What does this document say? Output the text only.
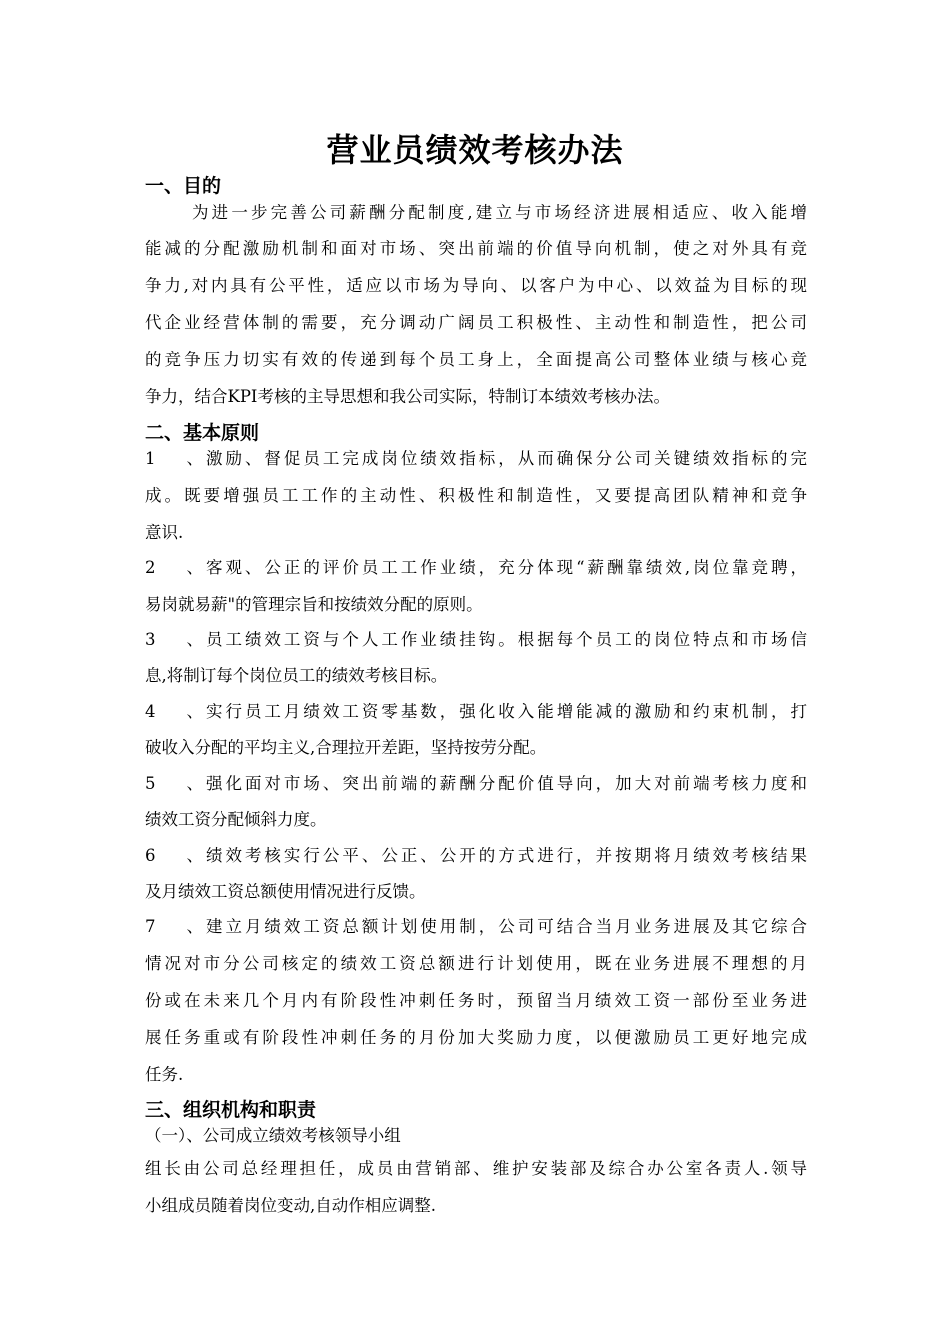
营业员绩效考核办法
一、目的
为进一步完善公司薪酬分配制度,建立与市场经济进展相适应、收入能增
能减的分配激励机制和面对市场、突出前端的价值导向机制，使之对外具有竞
争力,对内具有公平性，适应以市场为导向、以客户为中心、以效益为目标的现
代企业经营体制的需要，充分调动广阔员工积极性、主动性和制造性，把公司
的竞争压力切实有效的传递到每个员工身上，全面提高公司整体业绩与核心竞
争力，结合KPI考核的主导思想和我公司实际，特制订本绩效考核办法。
二、基本原则
1、激励、督促员工完成岗位绩效指标，从而确保分公司关键绩效指标的完
成。既要增强员工工作的主动性、积极性和制造性，又要提高团队精神和竞争
意识.
2、客观、公正的评价员工工作业绩，充分体现“薪酬靠绩效,岗位靠竞聘，
易岗就易薪"的管理宗旨和按绩效分配的原则。
3、员工绩效工资与个人工作业绩挂钩。根据每个员工的岗位特点和市场信
息,将制订每个岗位员工的绩效考核目标。
4、实行员工月绩效工资零基数，强化收入能增能减的激励和约束机制，打
破收入分配的平均主义,合理拉开差距，坚持按劳分配。
5、强化面对市场、突出前端的薪酬分配价值导向，加大对前端考核力度和
绩效工资分配倾斜力度。
6、绩效考核实行公平、公正、公开的方式进行，并按期将月绩效考核结果
及月绩效工资总额使用情况进行反馈。
7、建立月绩效工资总额计划使用制，公司可结合当月业务进展及其它综合
情况对市分公司核定的绩效工资总额进行计划使用，既在业务进展不理想的月
份或在未来几个月内有阶段性冲刺任务时，预留当月绩效工资一部份至业务进
展任务重或有阶段性冲刺任务的月份加大奖励力度，以便激励员工更好地完成
任务.
三、组织机构和职责
（一）、公司成立绩效考核领导小组
组长由公司总经理担任，成员由营销部、维护安装部及综合办公室各责人.领导
小组成员随着岗位变动,自动作相应调整.
